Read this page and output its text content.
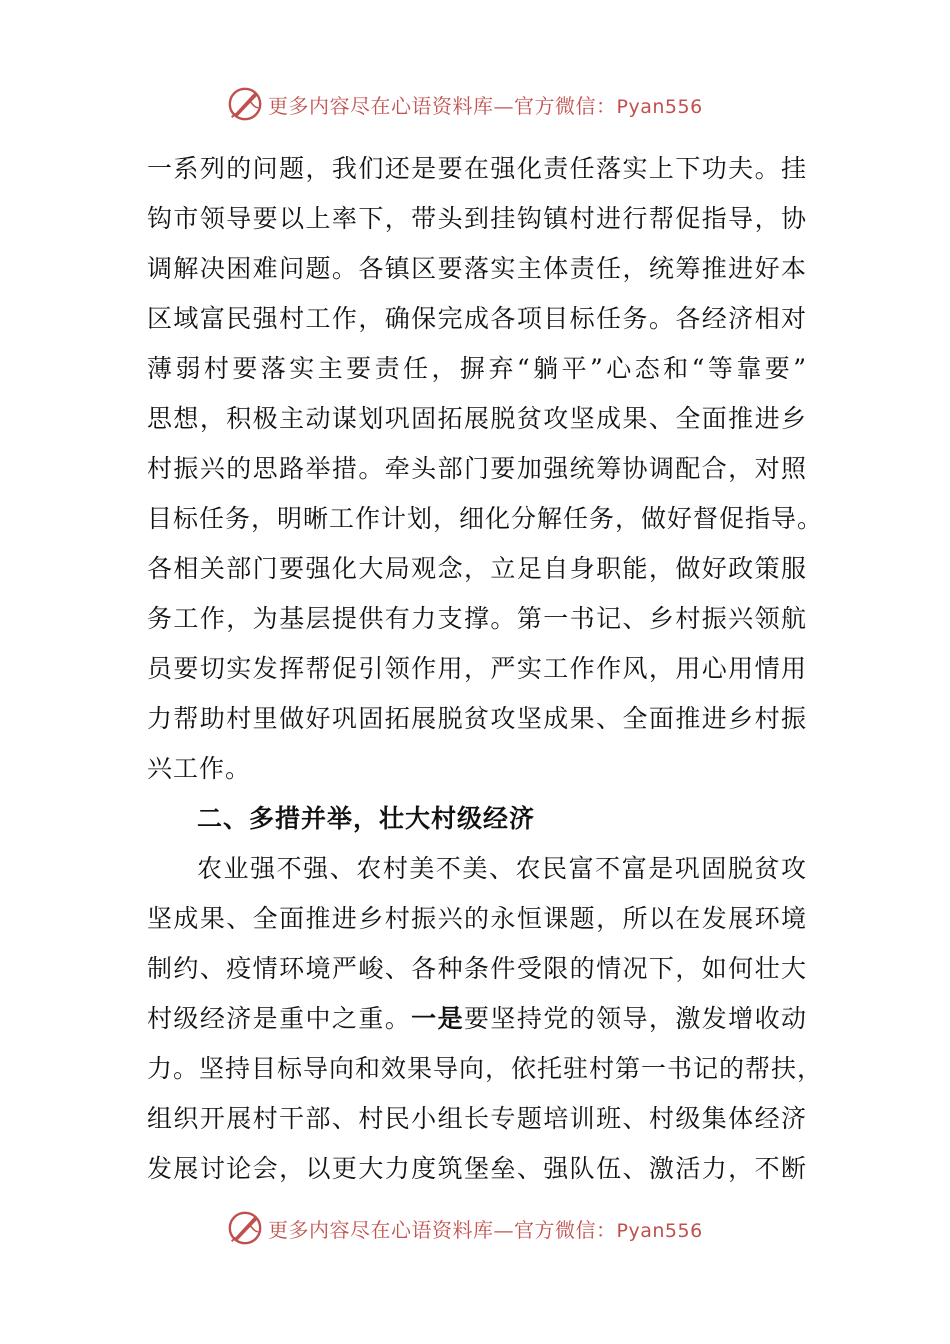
更多内容尽在心语资料库—官方微信：Pyan556
一系列的问题，我们还是要在强化责任落实上下功夫。挂
钩市领导要以上率下，带头到挂钩镇村进行帮促指导，协
调解决困难问题。各镇区要落实主体责任，统筹推进好本
区域富民强村工作，确保完成各项目标任务。各经济相对
薄弱村要落实主要责任，摒弃“躺平”心态和“等靠要”
思想，积极主动谋划巩固拓展脱贫攻坚成果、全面推进乡
村振兴的思路举措。牵头部门要加强统筹协调配合，对照
目标任务，明晰工作计划，细化分解任务，做好督促指导。
各相关部门要强化大局观念，立足自身职能，做好政策服
务工作，为基层提供有力支撑。第一书记、乡村振兴领航
员要切实发挥帮促引领作用，严实工作作风，用心用情用
力帮助村里做好巩固拓展脱贫攻坚成果、全面推进乡村振
兴工作。
二、多措并举，壮大村级经济
农业强不强、农村美不美、农民富不富是巩固脱贫攻
坚成果、全面推进乡村振兴的永恒课题，所以在发展环境
制约、疫情环境严峻、各种条件受限的情况下，如何壮大
村级经济是重中之重。一是要坚持党的领导，激发增收动
力。坚持目标导向和效果导向，依托驻村第一书记的帮扶，
组织开展村干部、村民小组长专题培训班、村级集体经济
发展讨论会，以更大力度筑堡垒、强队伍、激活力，不断
更多内容尽在心语资料库—官方微信：Pyan556
